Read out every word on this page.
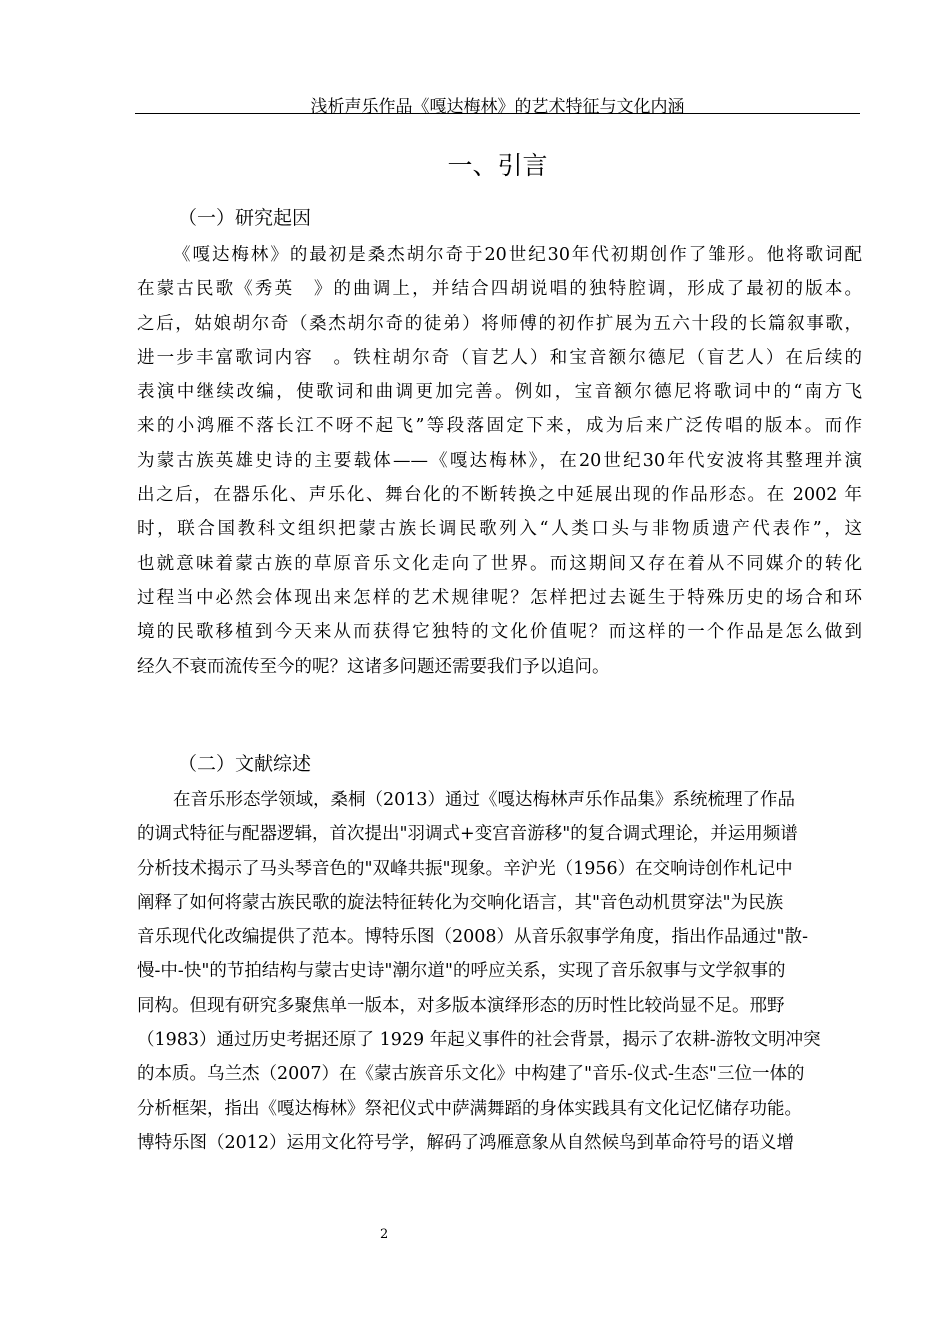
浅析声乐作品《嘎达梅林》的艺术特征与文化内涵
一、引言
（一）研究起因
《嘎达梅林》的最初是桑杰胡尔奇于20世纪30年代初期创作了雏形。他将歌词配
在蒙古民歌《秀英　》的曲调上，并结合四胡说唱的独特腔调，形成了最初的版本。
之后，姑娘胡尔奇（桑杰胡尔奇的徒弟）将师傅的初作扩展为五六十段的长篇叙事歌，
进一步丰富歌词内容　。铁柱胡尔奇（盲艺人）和宝音额尔德尼（盲艺人）在后续的
表演中继续改编，使歌词和曲调更加完善。例如，宝音额尔德尼将歌词中的“南方飞
来的小鸿雁不落长江不呀不起飞”等段落固定下来，成为后来广泛传唱的版本。而作
为蒙古族英雄史诗的主要载体——《嘎达梅林》，在20世纪30年代安波将其整理并演
出之后，在器乐化、声乐化、舞台化的不断转换之中延展出现的作品形态。在 2002 年
时，联合国教科文组织把蒙古族长调民歌列入“人类口头与非物质遗产代表作”，这
也就意味着蒙古族的草原音乐文化走向了世界。而这期间又存在着从不同媒介的转化
过程当中必然会体现出来怎样的艺术规律呢？怎样把过去诞生于特殊历史的场合和环
境的民歌移植到今天来从而获得它独特的文化价值呢？而这样的一个作品是怎么做到
经久不衰而流传至今的呢？这诸多问题还需要我们予以追问。
（二）文献综述
在音乐形态学领域，桑桐（2013）通过《嘎达梅林声乐作品集》系统梳理了作品
的调式特征与配器逻辑，首次提出"羽调式+变宫音游移"的复合调式理论，并运用频谱
分析技术揭示了马头琴音色的"双峰共振"现象。辛沪光（1956）在交响诗创作札记中
阐释了如何将蒙古族民歌的旋法特征转化为交响化语言，其"音色动机贯穿法"为民族
音乐现代化改编提供了范本。博特乐图（2008）从音乐叙事学角度，指出作品通过"散-
慢-中-快"的节拍结构与蒙古史诗"潮尔道"的呼应关系，实现了音乐叙事与文学叙事的
同构。但现有研究多聚焦单一版本，对多版本演绎形态的历时性比较尚显不足。邢野
（1983）通过历史考据还原了 1929 年起义事件的社会背景，揭示了农耕-游牧文明冲突
的本质。乌兰杰（2007）在《蒙古族音乐文化》中构建了"音乐-仪式-生态"三位一体的
分析框架，指出《嘎达梅林》祭祀仪式中萨满舞蹈的身体实践具有文化记忆储存功能。
博特乐图（2012）运用文化符号学，解码了鸿雁意象从自然候鸟到革命符号的语义增
2
